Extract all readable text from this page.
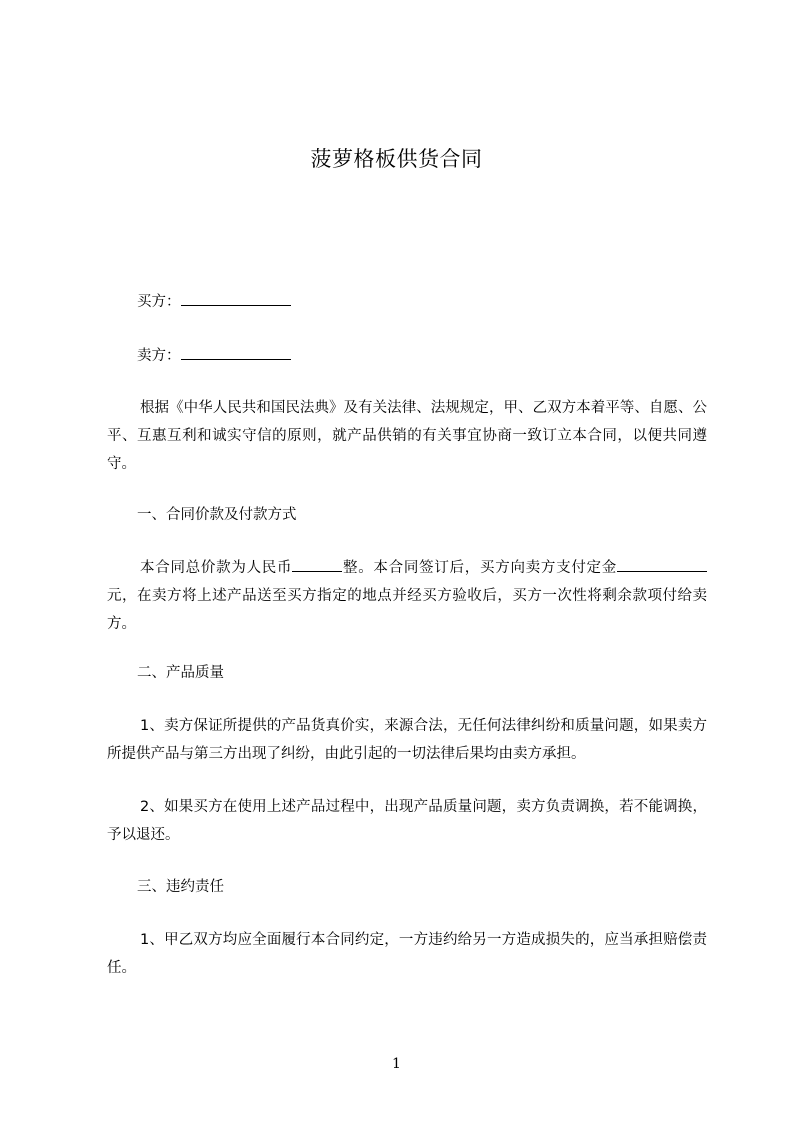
菠萝格板供货合同
买方：
卖方：
根据《中华人民共和国民法典》及有关法律、法规规定，甲、乙双方本着平等、自愿、公平、互惠互利和诚实守信的原则，就产品供销的有关事宜协商一致订立本合同，以便共同遵守。
一、合同价款及付款方式
本合同总价款为人民币	整。本合同签订后，买方向卖方支付定金元，在卖方将上述产品送至买方指定的地点并经买方验收后，买方一次性将剩余款项付给卖方。
二、产品质量
1、卖方保证所提供的产品货真价实，来源合法，无任何法律纠纷和质量问题，如果卖方所提供产品与第三方出现了纠纷，由此引起的一切法律后果均由卖方承担。
2、如果买方在使用上述产品过程中，出现产品质量问题，卖方负责调换，若不能调换，予以退还。
三、违约责任
1、甲乙双方均应全面履行本合同约定，一方违约给另一方造成损失的，应当承担赔偿责任。
1
